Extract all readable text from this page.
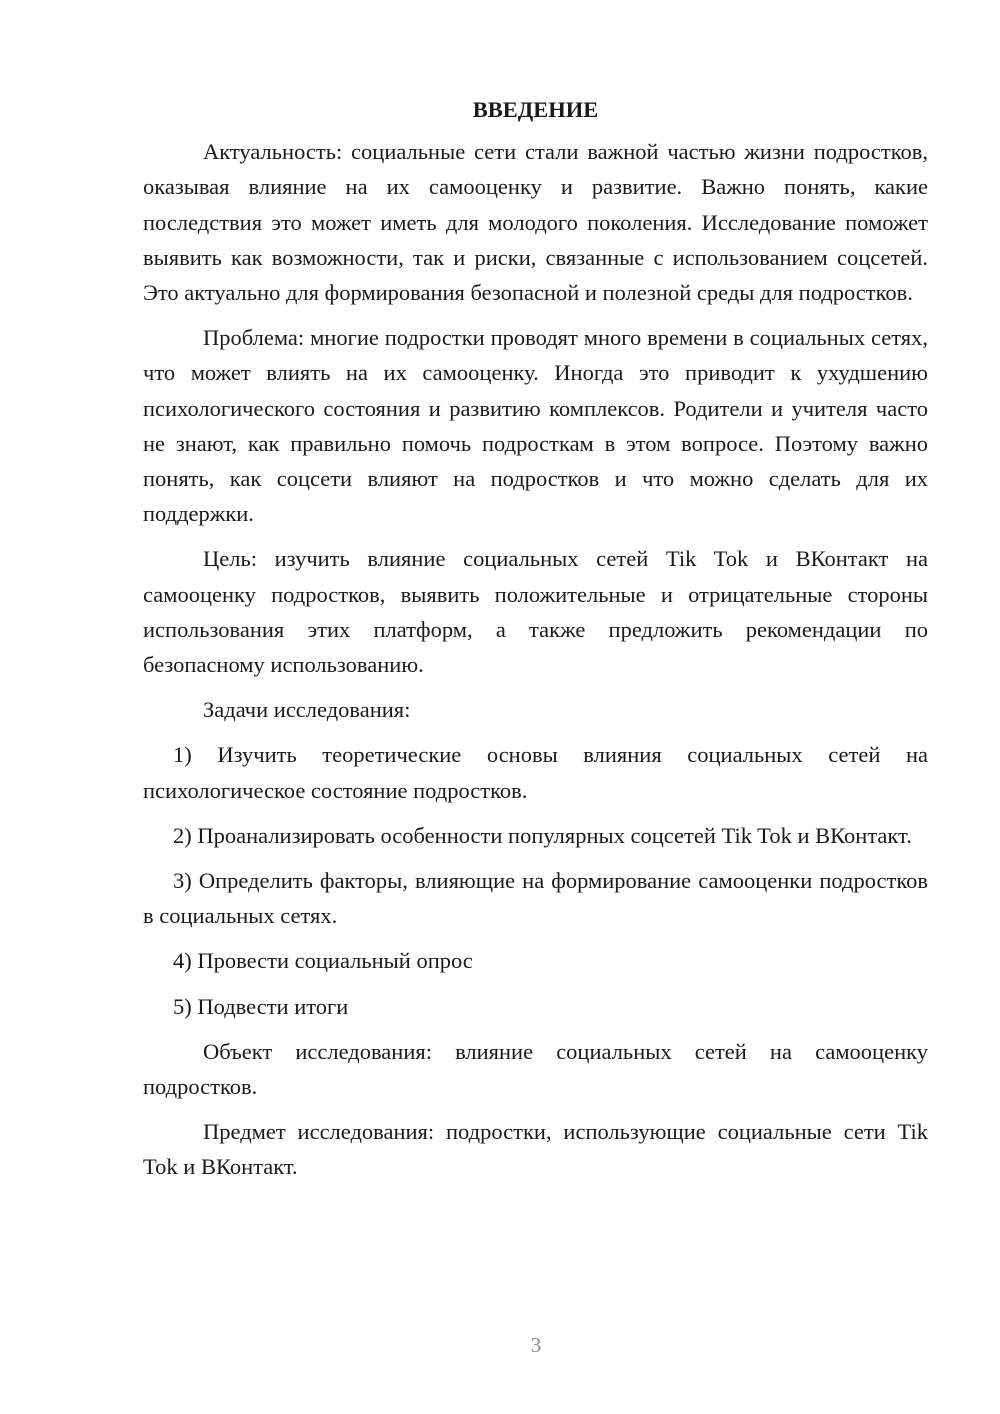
ВВЕДЕНИЕ

Актуальность: социальные сети стали важной частью жизни подростков, оказывая влияние на их самооценку и развитие. Важно понять, какие последствия это может иметь для молодого поколения. Исследование поможет выявить как возможности, так и риски, связанные с использованием соцсетей. Это актуально для формирования безопасной и полезной среды для подростков.

Проблема: многие подростки проводят много времени в социальных сетях, что может влиять на их самооценку. Иногда это приводит к ухудшению психологического состояния и развитию комплексов. Родители и учителя часто не знают, как правильно помочь подросткам в этом вопросе. Поэтому важно понять, как соцсети влияют на подростков и что можно сделать для их поддержки.

Цель: изучить влияние социальных сетей Tik Tok и ВКонтакт на самооценку подростков, выявить положительные и отрицательные стороны использования этих платформ, а также предложить рекомендации по безопасному использованию.

Задачи исследования:

1) Изучить теоретические основы влияния социальных сетей на психологическое состояние подростков.

2) Проанализировать особенности популярных соцсетей Tik Tok и ВКонтакт.

3) Определить факторы, влияющие на формирование самооценки подростков в социальных сетях.

4) Провести социальный опрос

5) Подвести итоги

Объект исследования: влияние социальных сетей на самооценку подростков.

Предмет исследования: подростки, использующие социальные сети Tik Tok и ВКонтакт.

3
